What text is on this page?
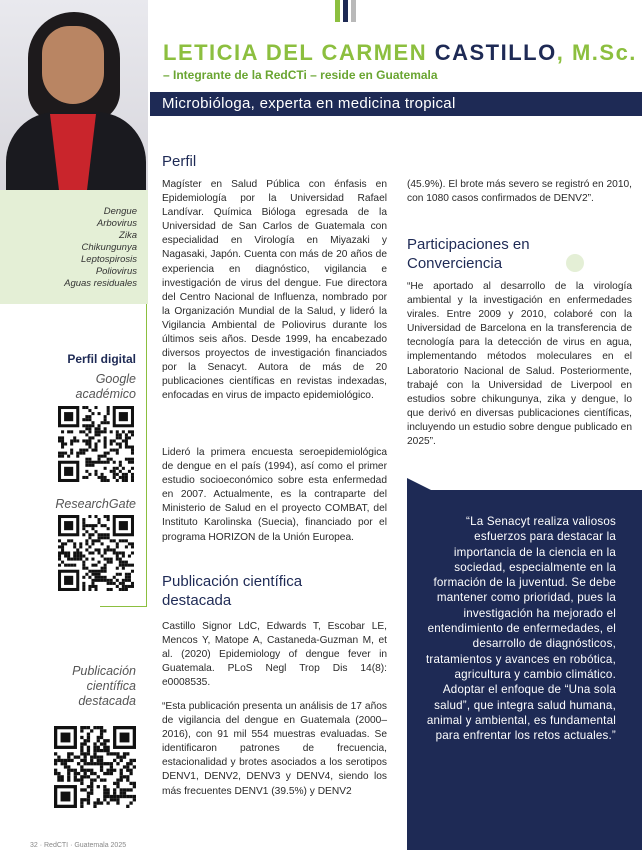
LETICIA DEL CARMEN CASTILLO, M.Sc.
– Integrante de la RedCTi – reside en Guatemala
Microbióloga, experta en medicina tropical
Dengue
Arbovirus
Zika
Chikungunya
Leptospirosis
Poliovirus
Aguas residuales
Perfil digital
Google académico
ResearchGate
Publicación científica destacada
Perfil
Magíster en Salud Pública con énfasis en Epidemiología por la Universidad Rafael Landívar. Química Bióloga egresada de la Universidad de San Carlos de Guatemala con especialidad en Virología en Miyazaki y Nagasaki, Japón. Cuenta con más de 20 años de experiencia en diagnóstico, vigilancia e investigación de virus del dengue. Fue directora del Centro Nacional de Influenza, nombrado por la Organización Mundial de la Salud, y lideró la Vigilancia Ambiental de Poliovirus durante los últimos seis años. Desde 1999, ha encabezado diversos proyectos de investigación financiados por la Senacyt. Autora de más de 20 publicaciones científicas en revistas indexadas, enfocadas en virus de impacto epidemiológico.
Lideró la primera encuesta seroepidemiológica de dengue en el país (1994), así como el primer estudio socioeconómico sobre esta enfermedad en 2007. Actualmente, es la contraparte del Ministerio de Salud en el proyecto COMBAT, del Instituto Karolinska (Suecia), financiado por el programa HORIZON de la Unión Europea.
Publicación científica destacada
Castillo Signor LdC, Edwards T, Escobar LE, Mencos Y, Matope A, Castaneda-Guzman M, et al. (2020) Epidemiology of dengue fever in Guatemala. PLoS Negl Trop Dis 14(8): e0008535.
“Esta publicación presenta un análisis de 17 años de vigilancia del dengue en Guatemala (2000–2016), con 91 mil 554 muestras evaluadas. Se identificaron patrones de frecuencia, estacionalidad y brotes asociados a los serotipos DENV1, DENV2, DENV3 y DENV4, siendo los más frecuentes DENV1 (39.5%) y DENV2
(45.9%). El brote más severo se registró en 2010, con 1080 casos confirmados de DENV2”.
Participaciones en Converciencia
“He aportado al desarrollo de la virología ambiental y la investigación en enfermedades virales. Entre 2009 y 2010, colaboré con la Universidad de Barcelona en la transferencia de tecnología para la detección de virus en agua, implementando métodos moleculares en el Laboratorio Nacional de Salud. Posteriormente, trabajé con la Universidad de Liverpool en estudios sobre chikungunya, zika y dengue, lo que derivó en diversas publicaciones científicas, incluyendo un estudio sobre dengue publicado en 2025”.
“La Senacyt realiza valiosos esfuerzos para destacar la importancia de la ciencia en la sociedad, especialmente en la formación de la juventud. Se debe mantener como prioridad, pues la investigación ha mejorado el entendimiento de enfermedades, el desarrollo de diagnósticos, tratamientos y avances en robótica, agricultura y cambio climático. Adoptar el enfoque de “Una sola salud”, que integra salud humana, animal y ambiental, es fundamental para enfrentar los retos actuales.”
32 · RedCTI · Guatemala 2025
